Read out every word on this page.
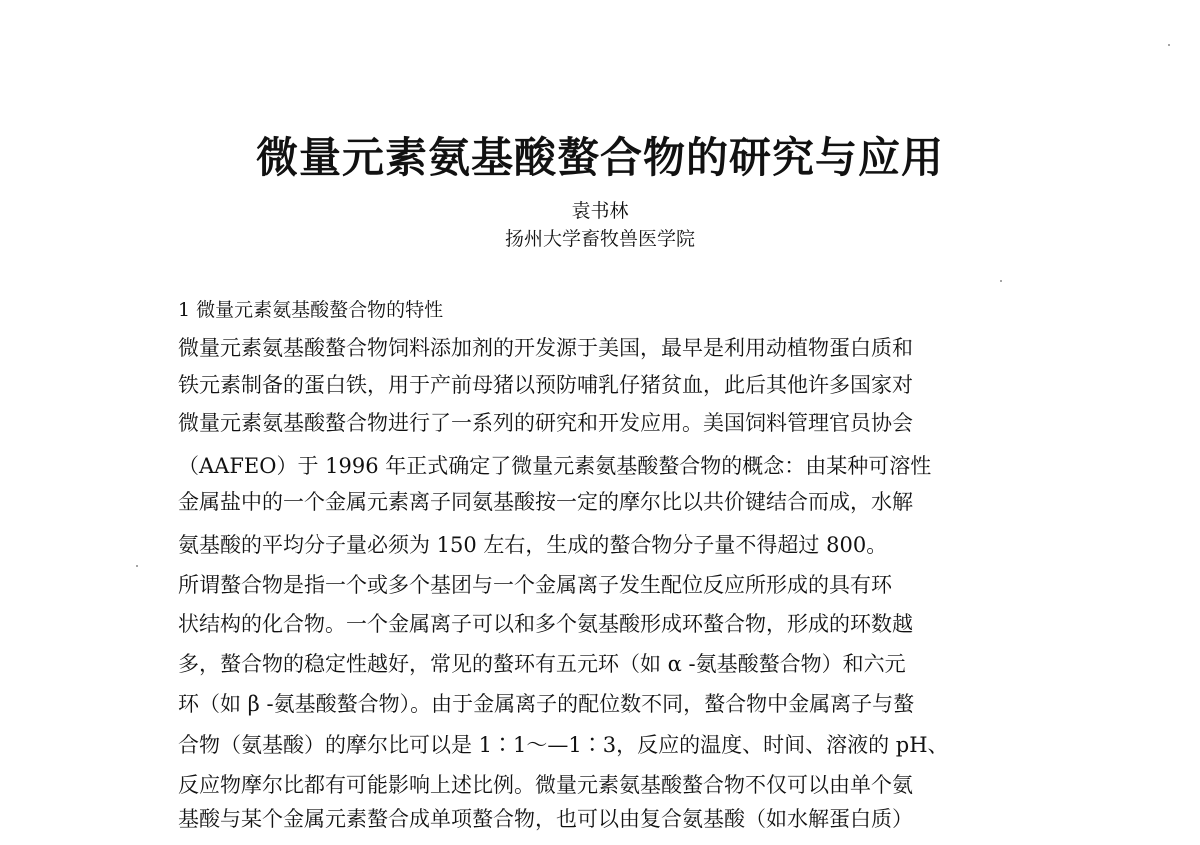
微量元素氨基酸螯合物的研究与应用
袁书林
扬州大学畜牧兽医学院
1 微量元素氨基酸螯合物的特性
微量元素氨基酸螯合物饲料添加剂的开发源于美国，最早是利用动植物蛋白质和
铁元素制备的蛋白铁，用于产前母猪以预防哺乳仔猪贫血，此后其他许多国家对
微量元素氨基酸螯合物进行了一系列的研究和开发应用。美国饲料管理官员协会
（AAFEO）于 1996 年正式确定了微量元素氨基酸螯合物的概念：由某种可溶性
金属盐中的一个金属元素离子同氨基酸按一定的摩尔比以共价键结合而成，水解
氨基酸的平均分子量必须为 150 左右，生成的螯合物分子量不得超过 800。
所谓螯合物是指一个或多个基团与一个金属离子发生配位反应所形成的具有环
状结构的化合物。一个金属离子可以和多个氨基酸形成环螯合物，形成的环数越
多，螯合物的稳定性越好，常见的螯环有五元环（如 α -氨基酸螯合物）和六元
环（如 β -氨基酸螯合物）。由于金属离子的配位数不同，螯合物中金属离子与螯
合物（氨基酸）的摩尔比可以是 1∶1～—1∶3，反应的温度、时间、溶液的 pH、
反应物摩尔比都有可能影响上述比例。微量元素氨基酸螯合物不仅可以由单个氨
基酸与某个金属元素螯合成单项螯合物，也可以由复合氨基酸（如水解蛋白质）
